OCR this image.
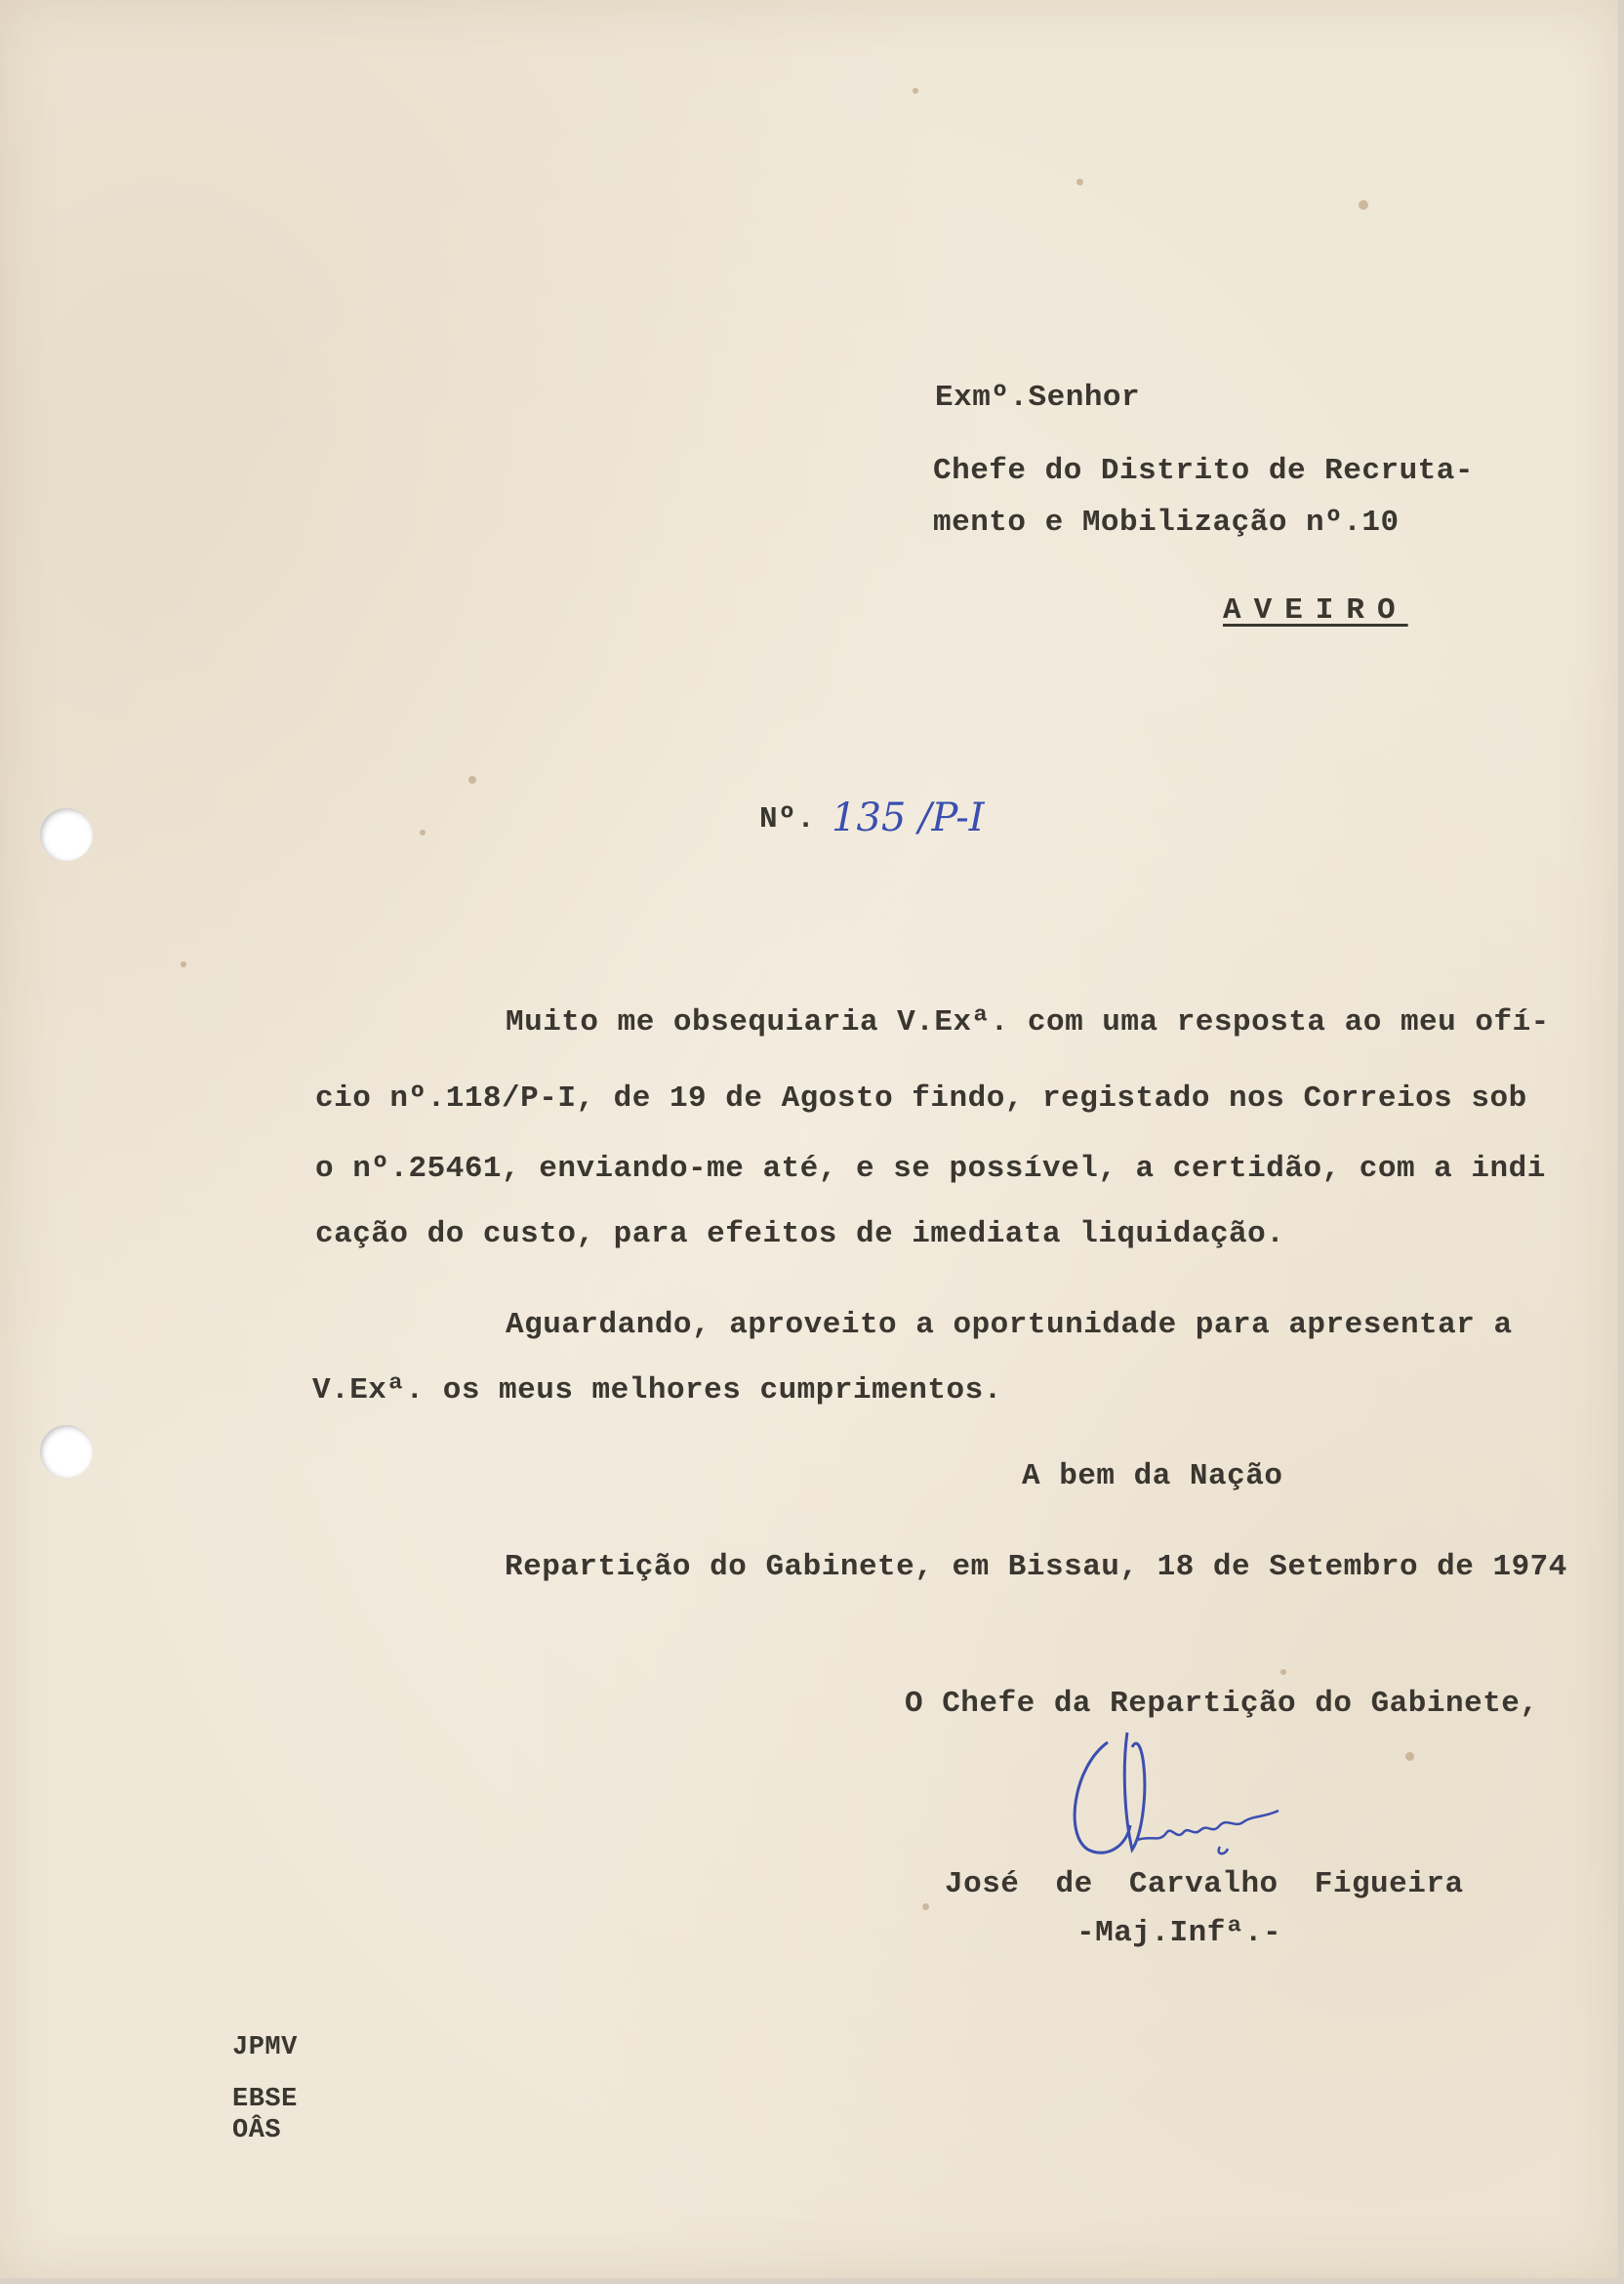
Exmº.Senhor
Chefe do Distrito de Recruta-
mento e Mobilização nº.10
AVEIRO
Nº. 135 /P-I
Muito me obsequiaria V.Exª. com uma resposta ao meu ofí-
cio nº.118/P-I, de 19 de Agosto findo, registado nos Correios sob
o nº.25461, enviando-me até, e se possível, a certidão, com a indi
cação do custo, para efeitos de imediata liquidação.
Aguardando, aproveito a oportunidade para apresentar a
V.Exª. os meus melhores cumprimentos.
A bem da Nação
Repartição do Gabinete, em Bissau, 18 de Setembro de 1974
O Chefe da Repartição do Gabinete,
José de Carvalho Figueira
-Maj.Infª.-
JPMV
EBSE
OÂS
